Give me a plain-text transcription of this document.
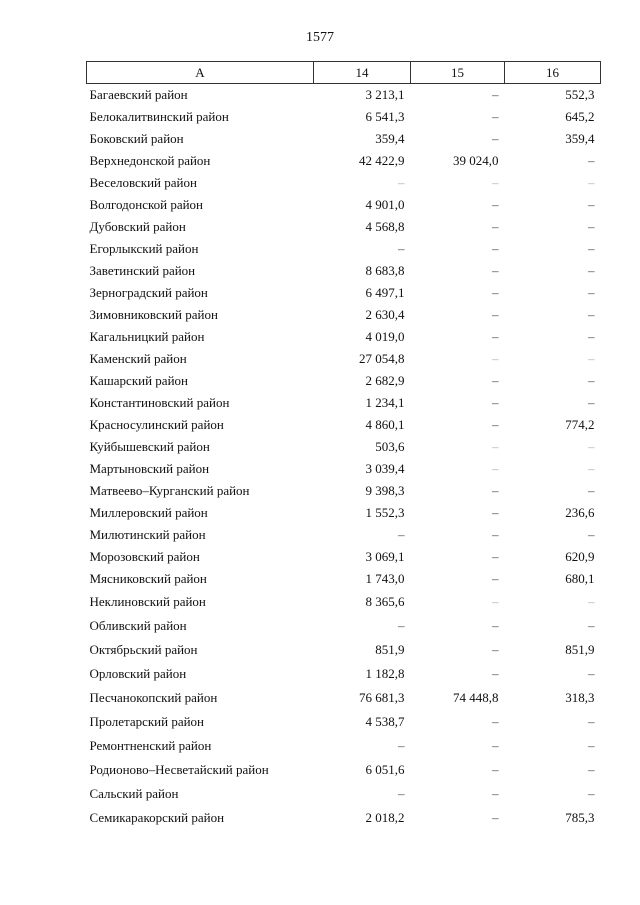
1577
А	14	15	16
Багаевский район	3 213,1	–	552,3
Белокалитвинский район	6 541,3	–	645,2
Боковский район	359,4	–	359,4
Верхнедонской район	42 422,9	39 024,0	–
Веселовский район	–	–	–
Волгодонской район	4 901,0	–	–
Дубовский район	4 568,8	–	–
Егорлыкский район	–	–	–
Заветинский район	8 683,8	–	–
Зерноградский район	6 497,1	–	–
Зимовниковский район	2 630,4	–	–
Кагальницкий район	4 019,0	–	–
Каменский район	27 054,8	–	–
Кашарский район	2 682,9	–	–
Константиновский район	1 234,1	–	–
Красносулинский район	4 860,1	–	774,2
Куйбышевский район	503,6	–	–
Мартыновский район	3 039,4	–	–
Матвеево–Курганский район	9 398,3	–	–
Миллеровский район	1 552,3	–	236,6
Милютинский район	–	–	–
Морозовский район	3 069,1	–	620,9
Мясниковский район	1 743,0	–	680,1
Неклиновский район	8 365,6	–	–
Обливский район	–	–	–
Октябрьский район	851,9	–	851,9
Орловский район	1 182,8	–	–
Песчанокопский район	76 681,3	74 448,8	318,3
Пролетарский район	4 538,7	–	–
Ремонтненский район	–	–	–
Родионово–Несветайский район	6 051,6	–	–
Сальский район	–	–	–
Семикаракорский район	2 018,2	–	785,3
